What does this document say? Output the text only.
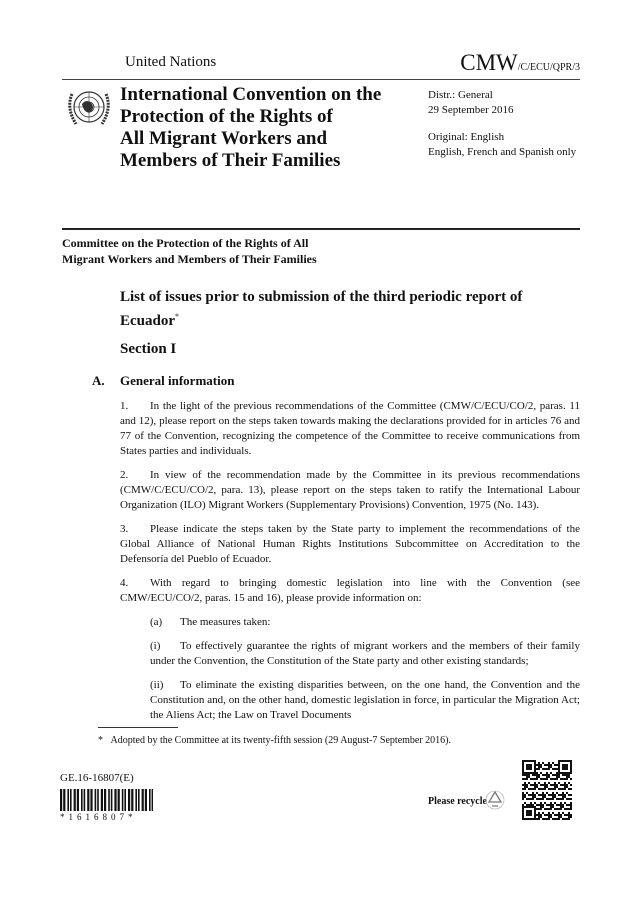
United Nations	CMW/C/ECU/QPR/3
International Convention on the
Protection of the Rights of
All Migrant Workers and
Members of Their Families

Distr.: General
29 September 2016

Original: English
English, French and Spanish only

Committee on the Protection of the Rights of All
Migrant Workers and Members of Their Families
List of issues prior to submission of the third periodic report of Ecuador*
Section I
A. General information

1. In the light of the previous recommendations of the Committee (CMW/C/ECU/CO/2, paras. 11 and 12), please report on the steps taken towards making the declarations provided for in articles 76 and 77 of the Convention, recognizing the competence of the Committee to receive communications from States parties and individuals.

2. In view of the recommendation made by the Committee in its previous recommendations (CMW/C/ECU/CO/2, para. 13), please report on the steps taken to ratify the International Labour Organization (ILO) Migrant Workers (Supplementary Provisions) Convention, 1975 (No. 143).

3. Please indicate the steps taken by the State party to implement the recommendations of the Global Alliance of National Human Rights Institutions Subcommittee on Accreditation to the Defensoría del Pueblo of Ecuador.

4. With regard to bringing domestic legislation into line with the Convention (see CMW/ECU/CO/2, paras. 15 and 16), please provide information on:

(a) The measures taken:

(i) To effectively guarantee the rights of migrant workers and the members of their family under the Convention, the Constitution of the State party and other existing standards;

(ii) To eliminate the existing disparities between, on the one hand, the Convention and the Constitution and, on the other hand, domestic legislation in force, in particular the Migration Act; the Aliens Act; the Law on Travel Documents

* Adopted by the Committee at its twenty-fifth session (29 August-7 September 2016).
GE.16-16807(E)
*1616807*
Please recycle
